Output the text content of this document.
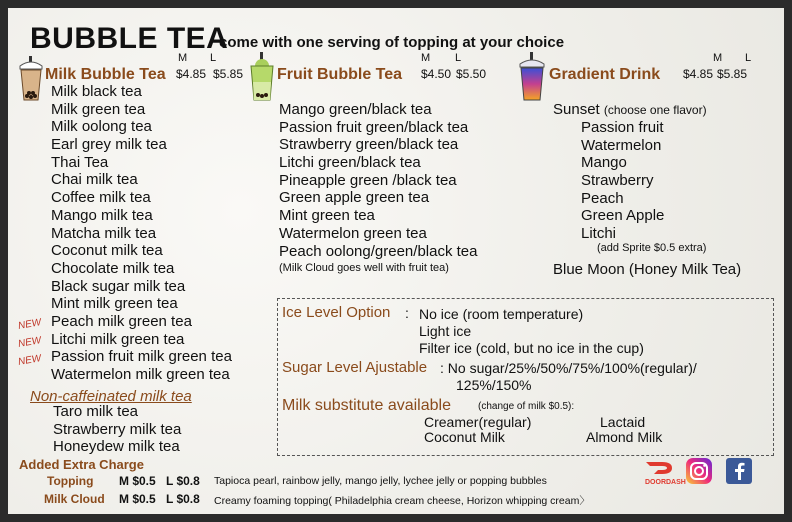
BUBBLE TEA
come with one serving of topping at your choice
Milk Bubble Tea
M L
$4.85 $5.85
Milk black tea
Milk green tea
Milk oolong tea
Earl grey milk tea
Thai Tea
Chai milk tea
Coffee milk tea
Mango milk tea
Matcha milk tea
Coconut milk tea
Chocolate milk tea
Black sugar milk tea
Mint milk green tea
Peach milk green tea
Litchi milk green tea
Passion fruit milk green tea
Watermelon milk green tea
NEW
NEW
NEW
Non-caffeinated milk tea
Taro milk tea
Strawberry milk tea
Honeydew milk tea
Fruit Bubble Tea
M L
$4.50 $5.50
Mango green/black tea
Passion fruit green/black tea
Strawberry green/black tea
Litchi green/black tea
Pineapple green /black tea
Green apple green tea
Mint green tea
Watermelon green tea
Peach oolong/green/black tea
(Milk Cloud goes well with fruit tea)
Gradient Drink
M L
$4.85 $5.85
Sunset (choose one flavor)
Passion fruit
Watermelon
Mango
Strawberry
Peach
Green Apple
Litchi
(add Sprite $0.5 extra)
Blue Moon (Honey Milk Tea)
Ice Level Option : No ice (room temperature)
Light ice
Filter ice (cold, but no ice in the cup)
Sugar Level Ajustable : No sugar/25%/50%/75%/100%(regular)/
125%/150%
Milk substitute available	(change of milk $0.5):
Creamer(regular)	Lactaid
Coconut Milk	Almond Milk
Added Extra Charge
Topping M $0.5 L $0.8 Tapioca pearl, rainbow jelly, mango jelly, lychee jelly or popping bubbles
Milk Cloud M $0.5 L $0.8 Creamy foaming topping( Philadelphia cream cheese, Horizon whipping cream〉
DOORDASH
